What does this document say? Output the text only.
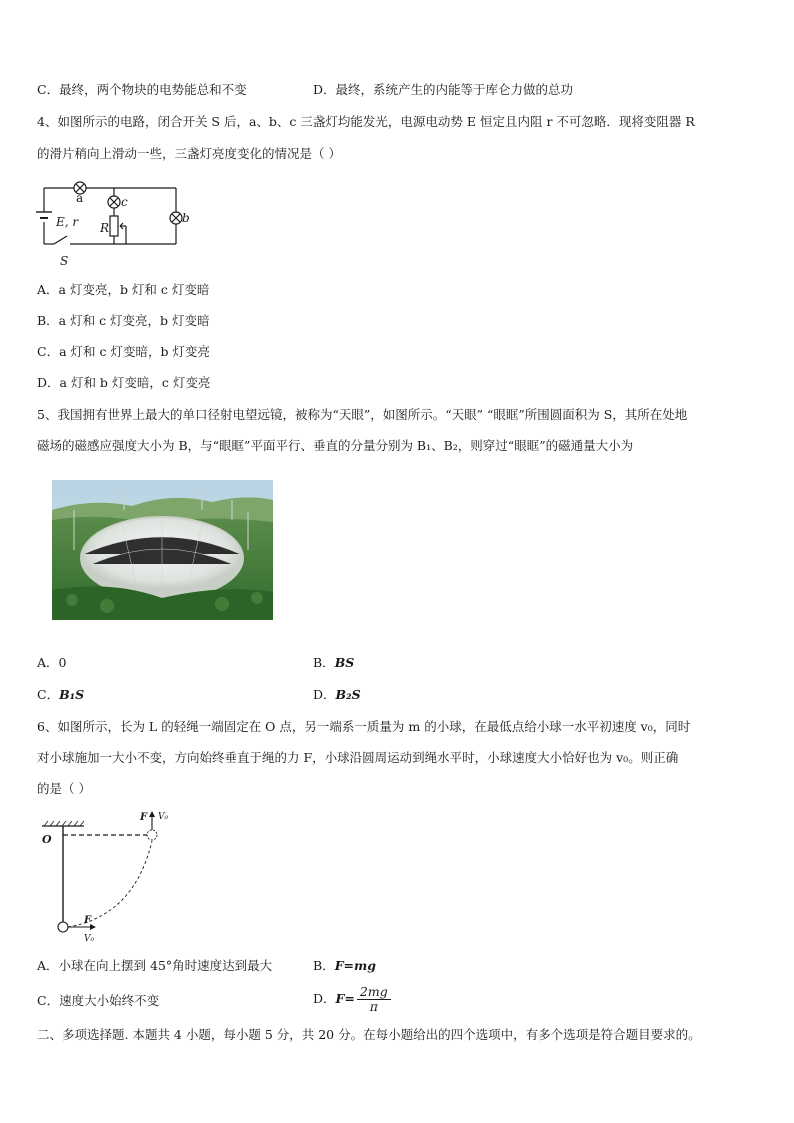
C．最终，两个物块的电势能总和不变	D．最终，系统产生的内能等于库仑力做的总功
4、如图所示的电路，闭合开关 S 后，a、b、c 三盏灯均能发光，电源电动势 E 恒定且内阻 r 不可忽略．现将变阻器 R
的滑片稍向上滑动一些，三盏灯亮度变化的情况是（ ）
a	c
b
E, r R
S
A．a 灯变亮，b 灯和 c 灯变暗
B．a 灯和 c 灯变亮，b 灯变暗
C．a 灯和 c 灯变暗，b 灯变亮
D．a 灯和 b 灯变暗，c 灯变亮
5、我国拥有世界上最大的单口径射电望远镜，被称为“天眼”，如图所示。“天眼” “眼眶”所围圆面积为 S，其所在处地
磁场的磁感应强度大小为 B，与“眼眶”平面平行、垂直的分量分别为 B₁、B₂，则穿过“眼眶”的磁通量大小为
A．0	B．BS
C．B₁S	D．B₂S
6、如图所示，长为 L 的轻绳一端固定在 O 点，另一端系一质量为 m 的小球，在最低点给小球一水平初速度 v₀，同时
对小球施加一大小不变，方向始终垂直于绳的力 F，小球沿圆周运动到绳水平时，小球速度大小恰好也为 v₀。则正确
的是（ ）
O
F V₀
F
V₀
A．小球在向上摆到 45°角时速度达到最大	B．F=mg
C．速度大小始终不变	D．$F= \frac{2mg}{\pi}$
二、多项选择题. 本题共 4 小题，每小题 5 分，共 20 分。在每小题给出的四个选项中，有多个选项是符合题目要求的。
